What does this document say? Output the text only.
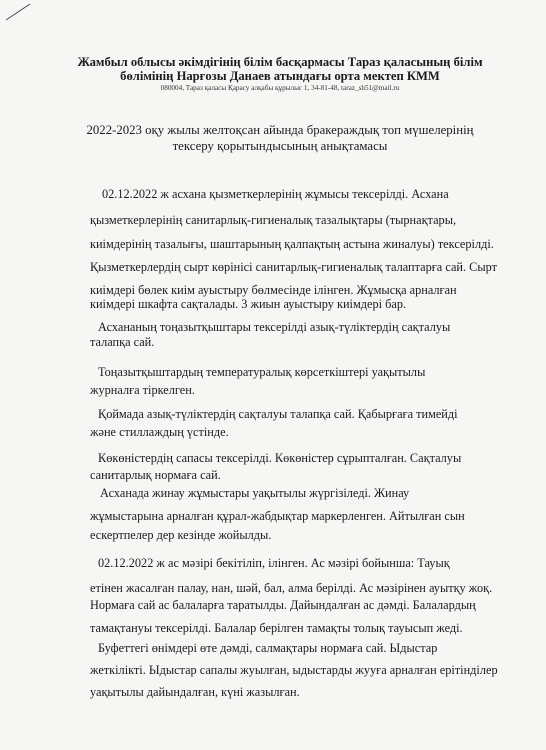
Жамбыл облысы әкімдігінің білім басқармасы Тараз қаласының білім
бөлімінің Нарғозы Данаев атындағы орта мектеп КММ
080004, Тараз қаласы Қарасу алқабы құрылыс 1, 34-81-48, taraz_sh51@mail.ru
2022-2023 оқу жылы желтоқсан айында бракераждық топ мүшелерінің
тексеру қорытындысының анықтамасы
02.12.2022 ж асхана қызметкерлерінің жұмысы тексерілді. Асхана
қызметкерлерінің санитарлық-гигиеналық тазалықтары (тырнақтары,
киімдерінің тазалығы, шаштарының қалпақтың астына жиналуы) тексерілді.
Қызметкерлердің сырт көрінісі санитарлық-гигиеналық талаптарға сай. Сырт
киімдері бөлек киім ауыстыру бөлмесінде ілінген. Жұмысқа арналған
киімдері шкафта сақталады. 3 жиын ауыстыру киімдері бар.
Асхананың тоңазытқыштары тексерілді азық-түліктердің сақталуы
талапқа сай.
Тоңазытқыштардың температуралық көрсеткіштері уақытылы
журналға тіркелген.
Қоймада азық-түліктердің сақталуы талапқа сай. Қабырғаға тимейді
және стиллаждың үстінде.
Көкөністердің сапасы тексерілді. Көкөністер сұрыпталған. Сақталуы
санитарлық нормаға сай.
Асханада жинау жұмыстары уақытылы жүргізіледі. Жинау
жұмыстарына арналған құрал-жабдықтар маркерленген. Айтылған сын
ескертпелер дер кезінде жойылды.
02.12.2022 ж ас мәзірі бекітіліп, ілінген. Ас мәзірі бойынша: Тауық
етінен жасалған палау, нан, шәй, бал, алма берілді. Ас мәзірінен ауытқу жоқ.
Нормаға сай ас балаларға таратылды. Дайындалған ас дәмді. Балалардың
тамақтануы тексерілді. Балалар берілген тамақты толық тауысып жеді.
Буфеттегі өнімдері өте дәмді, салмақтары нормаға сай. Ыдыстар
жеткілікті. Ыдыстар сапалы жуылған, ыдыстарды жууға арналған ерітінділер
уақытылы дайындалған, күні жазылған.
